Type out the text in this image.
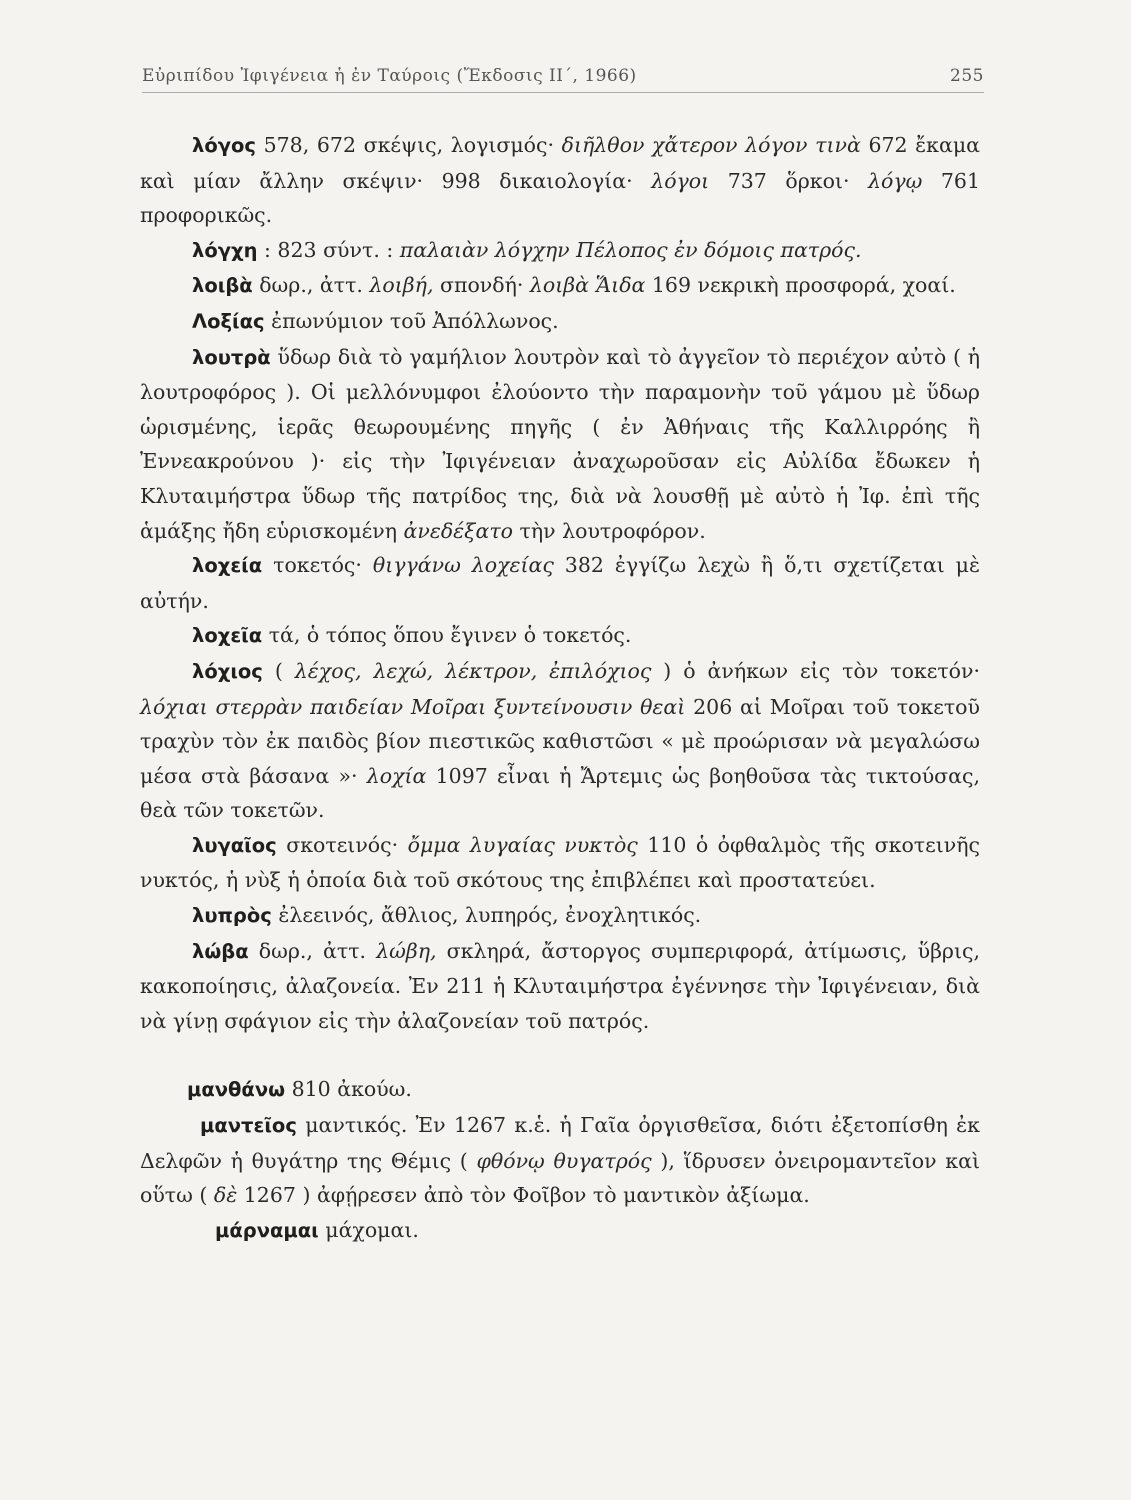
Εὐριπίδου Ἰφιγένεια ἡ ἐν Ταύροις (Ἔκδοσις ΙΙ΄, 1966)	255

λόγος 578, 672 σκέψις, λογισμός· διῆλθον χἄτερον λόγον τινὰ 672 ἔκαμα καὶ μίαν ἄλλην σκέψιν· 998 δικαιολογία· λόγοι 737 ὅρκοι· λόγῳ 761 προφορικῶς.

λόγχη : 823 σύντ. : παλαιὰν λόγχην Πέλοπος ἐν δόμοις πατρός.

λοιβὰ δωρ., ἀττ. λοιβή, σπονδή· λοιβὰ Ἅιδα 169 νεκρικὴ προσφορά, χοαί.

Λοξίας ἐπωνύμιον τοῦ Ἀπόλλωνος.

λουτρὰ ὕδωρ διὰ τὸ γαμήλιον λουτρὸν καὶ τὸ ἀγγεῖον τὸ περιέχον αὐτὸ ( ἡ λουτροφόρος ). Οἱ μελλόνυμφοι ἐλούοντο τὴν παραμονὴν τοῦ γάμου μὲ ὕδωρ ὡρισμένης, ἱερᾶς θεωρουμένης πηγῆς ( ἐν Ἀθήναις τῆς Καλλιρρόης ἢ Ἐννεακρούνου )· εἰς τὴν Ἰφιγένειαν ἀναχωροῦσαν εἰς Αὐλίδα ἔδωκεν ἡ Κλυταιμήστρα ὕδωρ τῆς πατρίδος της, διὰ νὰ λουσθῇ μὲ αὐτὸ ἡ Ἰφ. ἐπὶ τῆς ἁμάξης ἤδη εὑρισκομένη ἀνεδέξατο τὴν λουτροφόρον.

λοχεία τοκετός· θιγγάνω λοχείας 382 ἐγγίζω λεχὼ ἢ ὅ,τι σχετίζεται μὲ αὐτήν.

λοχεῖα τά, ὁ τόπος ὅπου ἔγινεν ὁ τοκετός.

λόχιος ( λέχος, λεχώ, λέκτρον, ἐπιλόχιος ) ὁ ἀνήκων εἰς τὸν τοκετόν· λόχιαι στερρὰν παιδείαν Μοῖραι ξυντείνουσιν θεαὶ 206 αἱ Μοῖραι τοῦ τοκετοῦ τραχὺν τὸν ἐκ παιδὸς βίον πιεστικῶς καθιστῶσι « μὲ προώρισαν νὰ μεγαλώσω μέσα στὰ βάσανα »· λοχία 1097 εἶναι ἡ Ἄρτεμις ὡς βοηθοῦσα τὰς τικτούσας, θεὰ τῶν τοκετῶν.

λυγαῖος σκοτεινός· ὄμμα λυγαίας νυκτὸς 110 ὁ ὀφθαλμὸς τῆς σκοτεινῆς νυκτός, ἡ νὺξ ἡ ὁποία διὰ τοῦ σκότους της ἐπιβλέπει καὶ προστατεύει.

λυπρὸς ἐλεεινός, ἄθλιος, λυπηρός, ἐνοχλητικός.

λώβα δωρ., ἀττ. λώβη, σκληρά, ἄστοργος συμπεριφορά, ἀτίμωσις, ὕβρις, κακοποίησις, ἀλαζονεία. Ἐν 211 ἡ Κλυταιμήστρα ἐγέννησε τὴν Ἰφιγένειαν, διὰ νὰ γίνῃ σφάγιον εἰς τὴν ἀλαζονείαν τοῦ πατρός.

μανθάνω 810 ἀκούω.

μαντεῖος μαντικός. Ἐν 1267 κ.ἑ. ἡ Γαῖα ὀργισθεῖσα, διότι ἐξετοπίσθη ἐκ Δελφῶν ἡ θυγάτηρ της Θέμις ( φθόνῳ θυγατρός ), ἵδρυσεν ὀνειρομαντεῖον καὶ οὕτω ( δὲ 1267 ) ἀφῄρεσεν ἀπὸ τὸν Φοῖβον τὸ μαντικὸν ἀξίωμα.

μάρναμαι μάχομαι.
